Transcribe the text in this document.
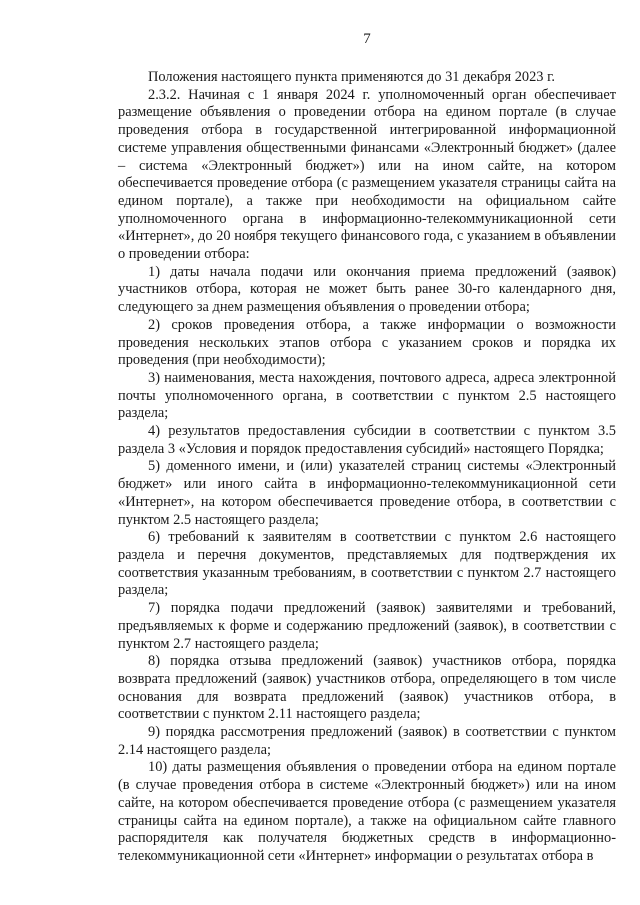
7

Положения настоящего пункта применяются до 31 декабря 2023 г.

2.3.2. Начиная с 1 января 2024 г. уполномоченный орган обеспечивает размещение объявления о проведении отбора на едином портале (в случае проведения отбора в государственной интегрированной информационной системе управления общественными финансами «Электронный бюджет» (далее – система «Электронный бюджет») или на ином сайте, на котором обеспечивается проведение отбора (с размещением указателя страницы сайта на едином портале), а также при необходимости на официальном сайте уполномоченного органа в информационно-телекоммуникационной сети «Интернет», до 20 ноября текущего финансового года, с указанием в объявлении о проведении отбора:

1) даты начала подачи или окончания приема предложений (заявок) участников отбора, которая не может быть ранее 30-го календарного дня, следующего за днем размещения объявления о проведении отбора;

2) сроков проведения отбора, а также информации о возможности проведения нескольких этапов отбора с указанием сроков и порядка их проведения (при необходимости);

3) наименования, места нахождения, почтового адреса, адреса электронной почты уполномоченного органа, в соответствии с пунктом 2.5 настоящего раздела;

4) результатов предоставления субсидии в соответствии с пунктом 3.5 раздела 3 «Условия и порядок предоставления субсидий» настоящего Порядка;

5) доменного имени, и (или) указателей страниц системы «Электронный бюджет» или иного сайта в информационно-телекоммуникационной сети «Интернет», на котором обеспечивается проведение отбора, в соответствии с пунктом 2.5 настоящего раздела;

6) требований к заявителям в соответствии с пунктом 2.6 настоящего раздела и перечня документов, представляемых для подтверждения их соответствия указанным требованиям, в соответствии с пунктом 2.7 настоящего раздела;

7) порядка подачи предложений (заявок) заявителями и требований, предъявляемых к форме и содержанию предложений (заявок), в соответствии с пунктом 2.7 настоящего раздела;

8) порядка отзыва предложений (заявок) участников отбора, порядка возврата предложений (заявок) участников отбора, определяющего в том числе основания для возврата предложений (заявок) участников отбора, в соответствии с пунктом 2.11 настоящего раздела;

9) порядка рассмотрения предложений (заявок) в соответствии с пунктом 2.14 настоящего раздела;

10) даты размещения объявления о проведении отбора на едином портале (в случае проведения отбора в системе «Электронный бюджет») или на ином сайте, на котором обеспечивается проведение отбора (с размещением указателя страницы сайта на едином портале), а также на официальном сайте главного распорядителя как получателя бюджетных средств в информационно-телекоммуникационной сети «Интернет» информации о результатах отбора в
